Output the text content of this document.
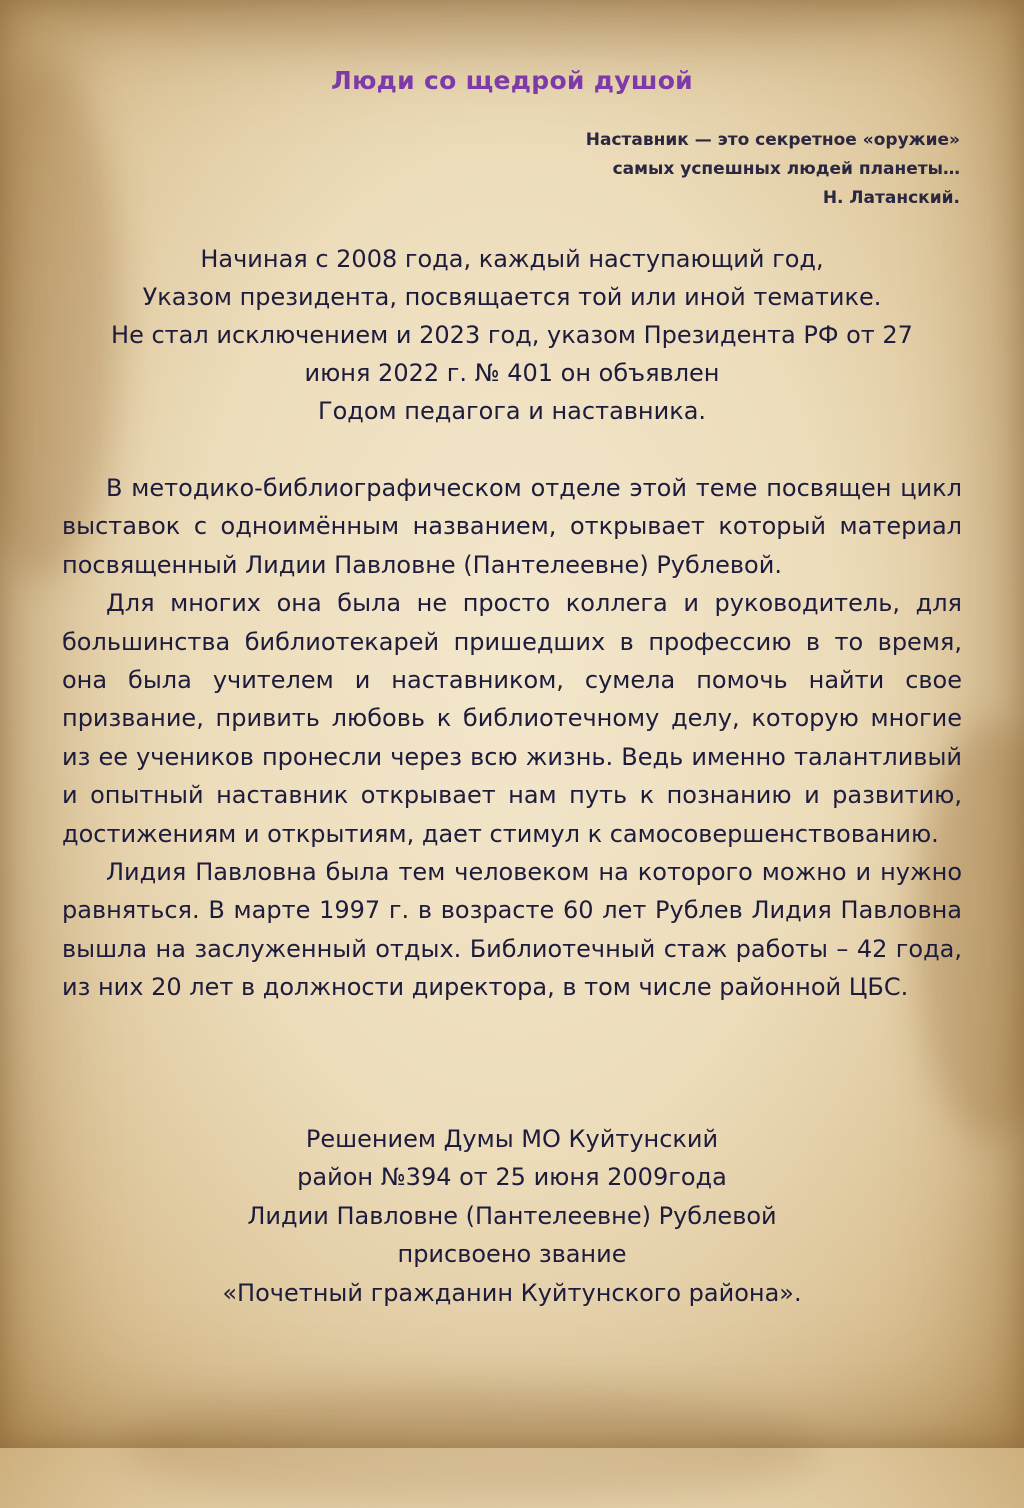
Люди со щедрой душой
Наставник — это секретное «оружие»
самых успешных людей планеты…
Н. Латанский.
Начиная с 2008 года, каждый наступающий год,
Указом президента, посвящается той или иной тематике.
Не стал исключением и 2023 год, указом Президента РФ от 27
июня 2022 г. № 401 он объявлен
Годом педагога и наставника.

В методико-библиографическом отделе этой теме посвящен цикл выставок с одноимённым названием, открывает который материал посвященный Лидии Павловне (Пантелеевне) Рублевой.

Для многих она была не просто коллега и руководитель, для большинства библиотекарей пришедших в профессию в то время, она была учителем и наставником, сумела помочь найти свое призвание, привить любовь к библиотечному делу, которую многие из ее учеников пронесли через всю жизнь. Ведь именно талантливый и опытный наставник открывает нам путь к познанию и развитию, достижениям и открытиям, дает стимул к самосовершенствованию.

Лидия Павловна была тем человеком на которого можно и нужно равняться. В марте 1997 г. в возрасте 60 лет Рублев Лидия Павловна вышла на заслуженный отдых. Библиотечный стаж работы – 42 года, из них 20 лет в должности директора, в том числе районной ЦБС.

Решением Думы МО Куйтунский
район №394 от 25 июня 2009года
Лидии Павловне (Пантелеевне) Рублевой
присвоено звание
«Почетный гражданин Куйтунского района».
